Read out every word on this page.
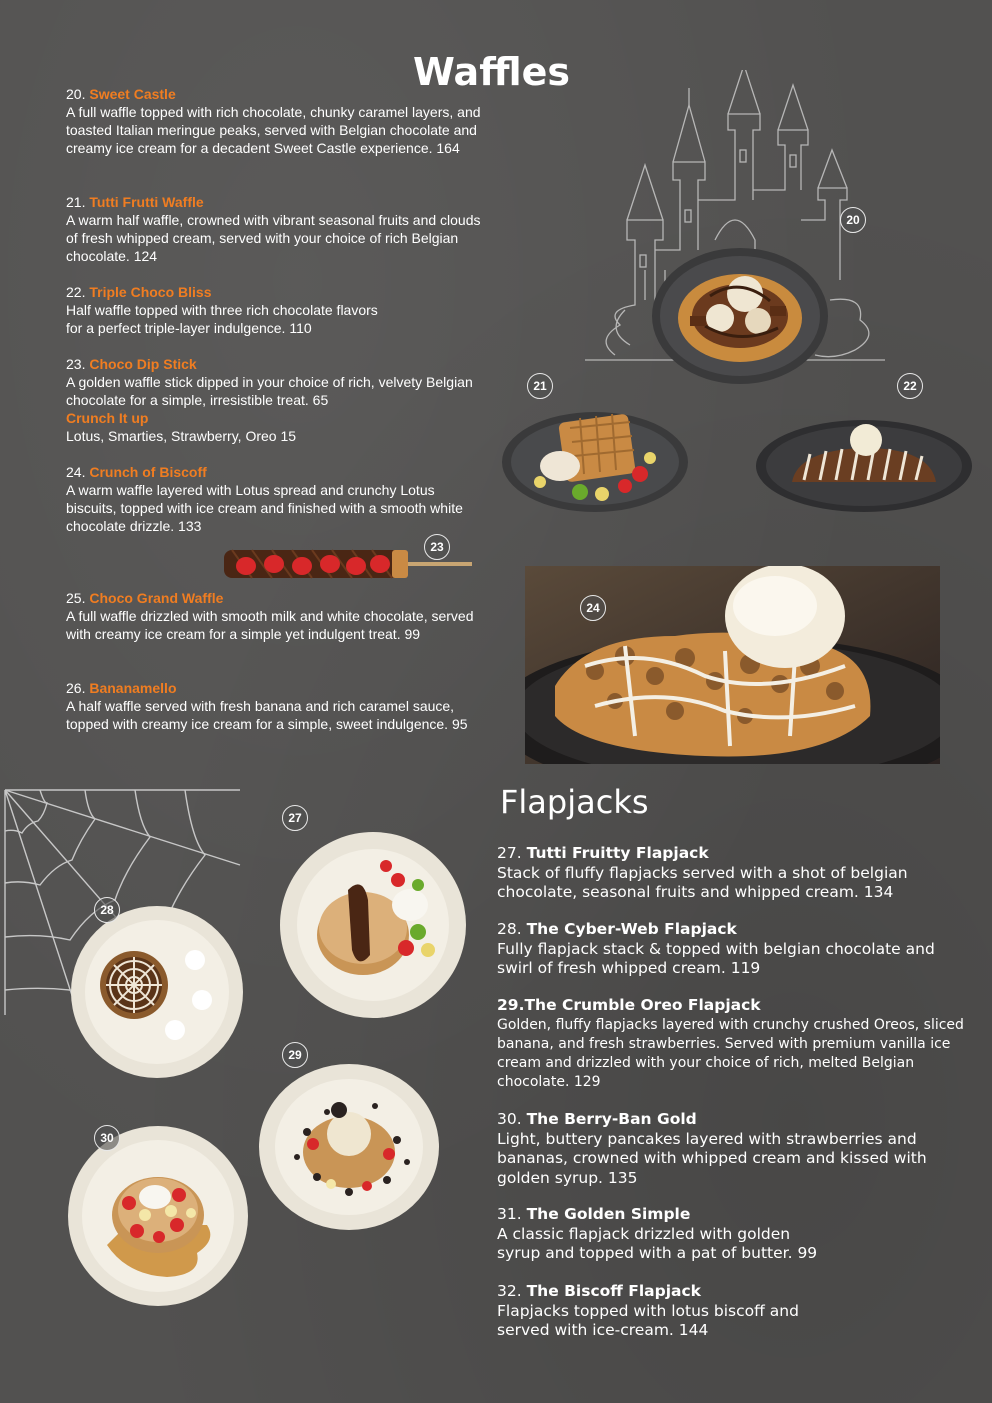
Waffles
Flapjacks
20. Sweet Castle
A full waffle topped with rich chocolate, chunky caramel layers, and toasted Italian meringue peaks, served with Belgian chocolate and creamy ice cream for a decadent Sweet Castle experience. 164
21. Tutti Frutti Waffle
A warm half waffle, crowned with vibrant seasonal fruits and clouds of fresh whipped cream, served with your choice of rich Belgian chocolate. 124
22. Triple Choco Bliss
Half waffle topped with three rich chocolate flavors for a perfect triple-layer indulgence. 110
23. Choco Dip Stick
A golden waffle stick dipped in your choice of rich, velvety Belgian chocolate for a simple, irresistible treat. 65
Crunch It up
Lotus, Smarties, Strawberry, Oreo 15
24. Crunch of Biscoff
A warm waffle layered with Lotus spread and crunchy Lotus biscuits, topped with ice cream and finished with a smooth white chocolate drizzle. 133
25. Choco Grand Waffle
A full waffle drizzled with smooth milk and white chocolate, served with creamy ice cream for a simple yet indulgent treat. 99
26. Bananamello
A half waffle served with fresh banana and rich caramel sauce, topped with creamy ice cream for a simple, sweet indulgence. 95
27. Tutti Fruitty Flapjack
Stack of fluffy flapjacks served with a shot of belgian chocolate, seasonal fruits and whipped cream. 134
28. The Cyber-Web Flapjack
Fully flapjack stack & topped with belgian chocolate and swirl of fresh whipped cream. 119
29.The Crumble Oreo Flapjack
Golden, fluffy flapjacks layered with crunchy crushed Oreos, sliced banana, and fresh strawberries. Served with premium vanilla ice cream and drizzled with your choice of rich, melted Belgian chocolate. 129
30. The Berry-Ban Gold
Light, buttery pancakes layered with strawberries and bananas, crowned with whipped cream and kissed with golden syrup. 135
31. The Golden Simple
A classic flapjack drizzled with golden syrup and topped with a pat of butter. 99
32. The Biscoff Flapjack
Flapjacks topped with lotus biscoff and served with ice-cream. 144
20
21	22
23
24
27
28
29
30
